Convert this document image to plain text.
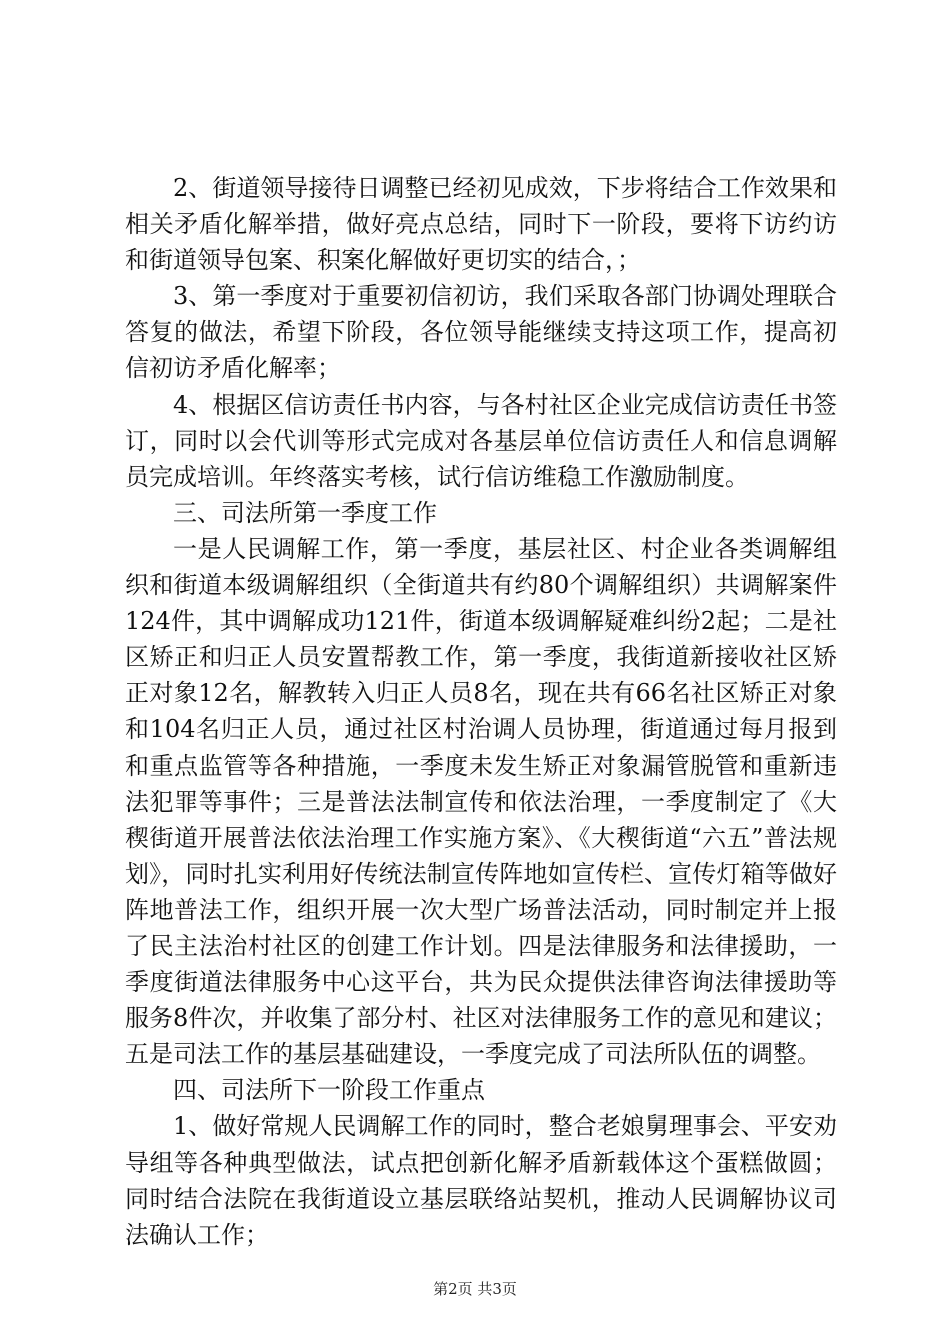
2、街道领导接待日调整已经初见成效，下步将结合工作效果和相关矛盾化解举措，做好亮点总结，同时下一阶段，要将下访约访和街道领导包案、积案化解做好更切实的结合，；

3、第一季度对于重要初信初访，我们采取各部门协调处理联合答复的做法，希望下阶段，各位领导能继续支持这项工作，提高初信初访矛盾化解率；

4、根据区信访责任书内容，与各村社区企业完成信访责任书签订，同时以会代训等形式完成对各基层单位信访责任人和信息调解员完成培训。年终落实考核，试行信访维稳工作激励制度。

三、司法所第一季度工作

一是人民调解工作，第一季度，基层社区、村企业各类调解组织和街道本级调解组织（全街道共有约80个调解组织）共调解案件124件，其中调解成功121件，街道本级调解疑难纠纷2起；二是社区矫正和归正人员安置帮教工作，第一季度，我街道新接收社区矫正对象12名，解教转入归正人员8名，现在共有66名社区矫正对象和104名归正人员，通过社区村治调人员协理，街道通过每月报到和重点监管等各种措施，一季度未发生矫正对象漏管脱管和重新违法犯罪等事件；三是普法法制宣传和依法治理，一季度制定了《大稧街道开展普法依法治理工作实施方案》、《大稧街道“六五”普法规划》，同时扎实利用好传统法制宣传阵地如宣传栏、宣传灯箱等做好阵地普法工作，组织开展一次大型广场普法活动，同时制定并上报了民主法治村社区的创建工作计划。四是法律服务和法律援助，一季度街道法律服务中心这平台，共为民众提供法律咨询法律援助等服务8件次，并收集了部分村、社区对法律服务工作的意见和建议；五是司法工作的基层基础建设，一季度完成了司法所队伍的调整。

四、司法所下一阶段工作重点

1、做好常规人民调解工作的同时，整合老娘舅理事会、平安劝导组等各种典型做法，试点把创新化解矛盾新载体这个蛋糕做圆；同时结合法院在我街道设立基层联络站契机，推动人民调解协议司法确认工作；

第2页 共3页
